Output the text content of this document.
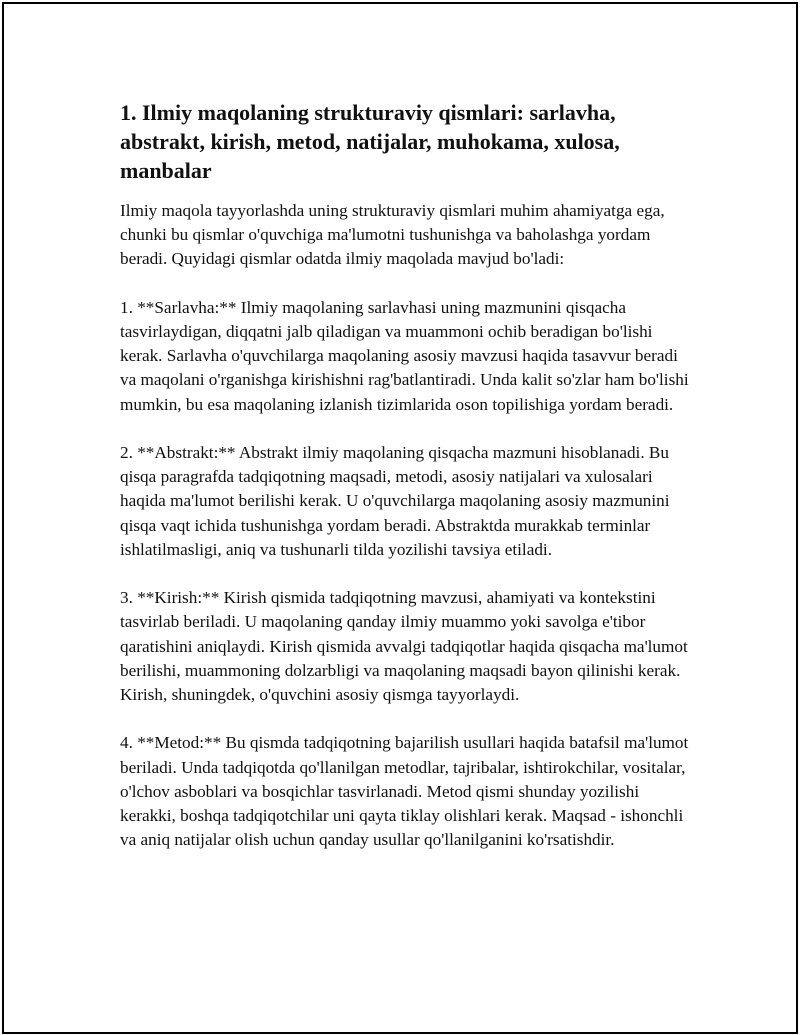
1. Ilmiy maqolaning strukturaviy qismlari: sarlavha, abstrakt, kirish, metod, natijalar, muhokama, xulosa, manbalar

Ilmiy maqola tayyorlashda uning strukturaviy qismlari muhim ahamiyatga ega, chunki bu qismlar o'quvchiga ma'lumotni tushunishga va baholashga yordam beradi. Quyidagi qismlar odatda ilmiy maqolada mavjud bo'ladi:

1. **Sarlavha:** Ilmiy maqolaning sarlavhasi uning mazmunini qisqacha tasvirlaydigan, diqqatni jalb qiladigan va muammoni ochib beradigan bo'lishi kerak. Sarlavha o'quvchilarga maqolaning asosiy mavzusi haqida tasavvur beradi va maqolani o'rganishga kirishishni rag'batlantiradi. Unda kalit so'zlar ham bo'lishi mumkin, bu esa maqolaning izlanish tizimlarida oson topilishiga yordam beradi.

2. **Abstrakt:** Abstrakt ilmiy maqolaning qisqacha mazmuni hisoblanadi. Bu qisqa paragrafda tadqiqotning maqsadi, metodi, asosiy natijalari va xulosalari haqida ma'lumot berilishi kerak. U o'quvchilarga maqolaning asosiy mazmunini qisqa vaqt ichida tushunishga yordam beradi. Abstraktda murakkab terminlar ishlatilmasligi, aniq va tushunarli tilda yozilishi tavsiya etiladi.

3. **Kirish:** Kirish qismida tadqiqotning mavzusi, ahamiyati va kontekstini tasvirlab beriladi. U maqolaning qanday ilmiy muammo yoki savolga e'tibor qaratishini aniqlaydi. Kirish qismida avvalgi tadqiqotlar haqida qisqacha ma'lumot berilishi, muammoning dolzarbligi va maqolaning maqsadi bayon qilinishi kerak. Kirish, shuningdek, o'quvchini asosiy qismga tayyorlaydi.

4. **Metod:** Bu qismda tadqiqotning bajarilish usullari haqida batafsil ma'lumot beriladi. Unda tadqiqotda qo'llanilgan metodlar, tajribalar, ishtirokchilar, vositalar, o'lchov asboblari va bosqichlar tasvirlanadi. Metod qismi shunday yozilishi kerakki, boshqa tadqiqotchilar uni qayta tiklay olishlari kerak. Maqsad - ishonchli va aniq natijalar olish uchun qanday usullar qo'llanilganini ko'rsatishdir.
